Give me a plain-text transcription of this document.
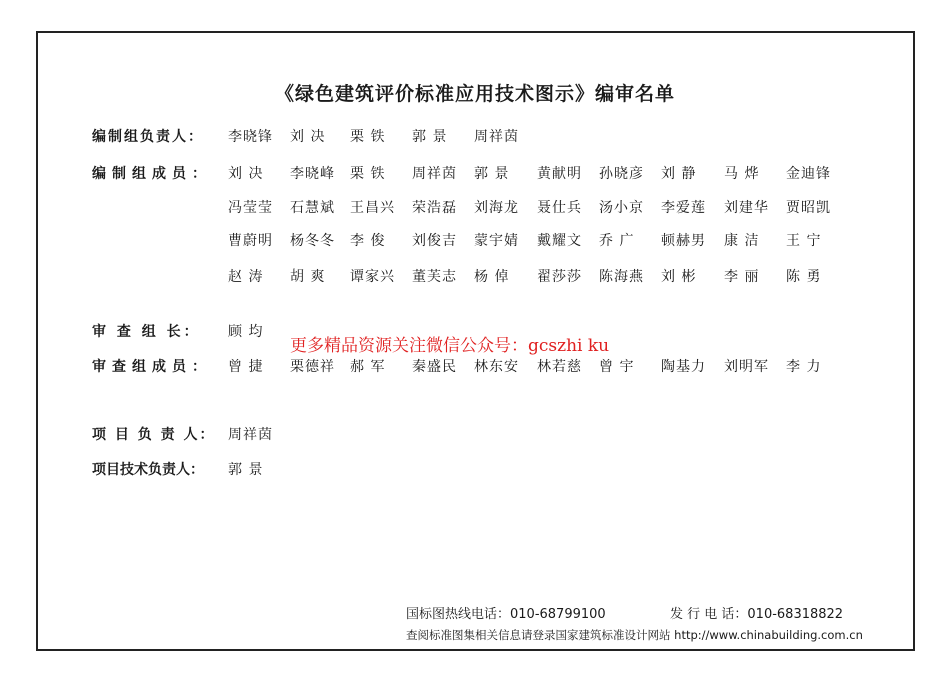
《绿色建筑评价标准应用技术图示》编审名单
编制组负责人： 李晓锋 刘 决 栗 铁 郭 景 周祥茵
编制组成员： 刘 决 李晓峰 栗 铁 周祥茵 郭 景 黄献明 孙晓彦 刘 静 马 烨 金迪锋
冯莹莹 石慧斌 王昌兴 荣浩磊 刘海龙 聂仕兵 汤小京 李爱莲 刘建华 贾昭凯
曹蔚明 杨冬冬 李 俊 刘俊吉 蒙宇婧 戴耀文 乔 广 顿赫男 康 洁 王 宁
赵 涛 胡 爽 谭家兴 董芙志 杨 倬 翟莎莎 陈海燕 刘 彬 李 丽 陈 勇
审 查 组 长： 顾 均
更多精品资源关注微信公众号：gcszhi ku
审查组成员： 曾 捷 栗德祥 郝 军 秦盛民 林东安 林若慈 曾 宇 陶基力 刘明军 李 力
项 目 负 责 人： 周祥茵
项目技术负责人： 郭 景
国标图热线电话：010-68799100	发 行 电 话：010-68318822
查阅标准图集相关信息请登录国家建筑标准设计网站 http://www.chinabuilding.com.cn
